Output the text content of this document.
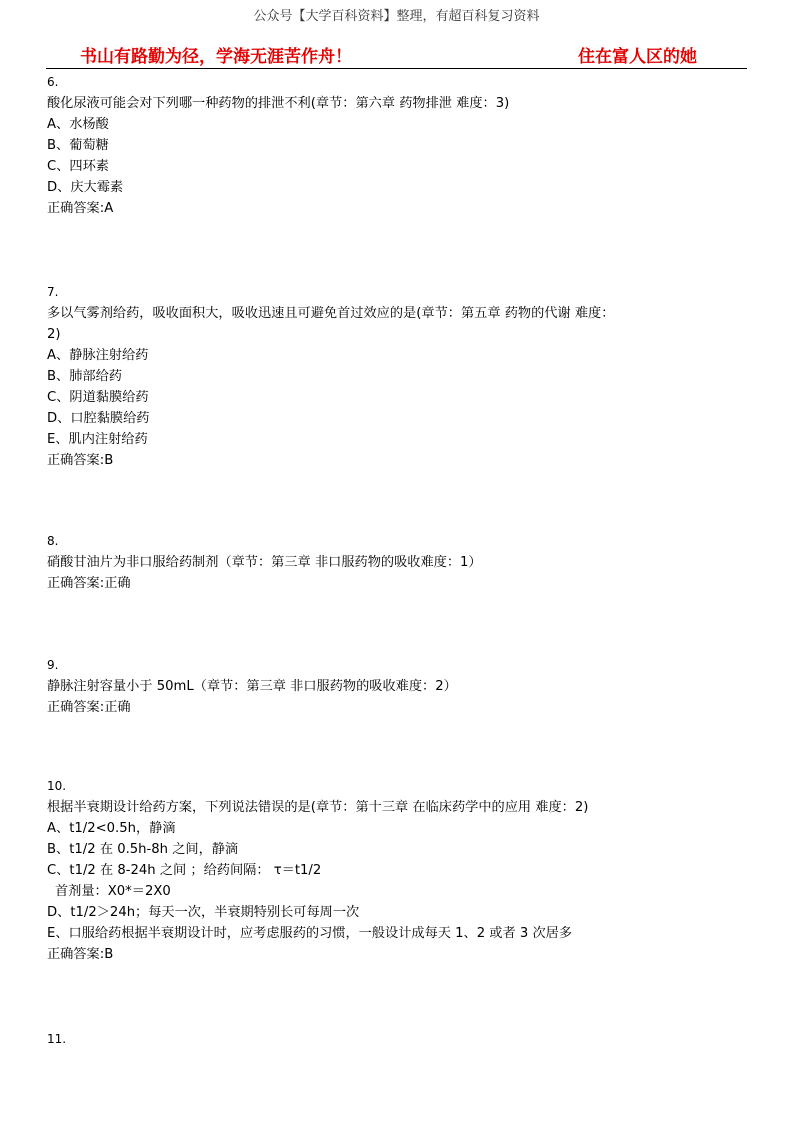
公众号【大学百科资料】整理，有超百科复习资料
书山有路勤为径，学海无涯苦作舟！	住在富人区的她
6.
酸化尿液可能会对下列哪一种药物的排泄不利(章节：第六章 药物排泄 难度：3)
A、水杨酸
B、葡萄糖
C、四环素
D、庆大霉素
正确答案:A
7.
多以气雾剂给药，吸收面积大，吸收迅速且可避免首过效应的是(章节：第五章 药物的代谢 难度：
2)
A、静脉注射给药
B、肺部给药
C、阴道黏膜给药
D、口腔黏膜给药
E、肌内注射给药
正确答案:B
8.
硝酸甘油片为非口服给药制剂（章节：第三章 非口服药物的吸收难度：1）
正确答案:正确
9.
静脉注射容量小于 50mL（章节：第三章 非口服药物的吸收难度：2）
正确答案:正确
10.
根据半衰期设计给药方案，下列说法错误的是(章节：第十三章 在临床药学中的应用 难度：2)
A、t1/2<0.5h，静滴
B、t1/2 在 0.5h-8h 之间，静滴
C、t1/2 在 8-24h 之间 ；给药间隔： τ＝t1/2
首剂量：X0*＝2X0
D、t1/2＞24h；每天一次，半衰期特别长可每周一次
E、口服给药根据半衰期设计时，应考虑服药的习惯，一般设计成每天 1、2 或者 3 次居多
正确答案:B
11.
